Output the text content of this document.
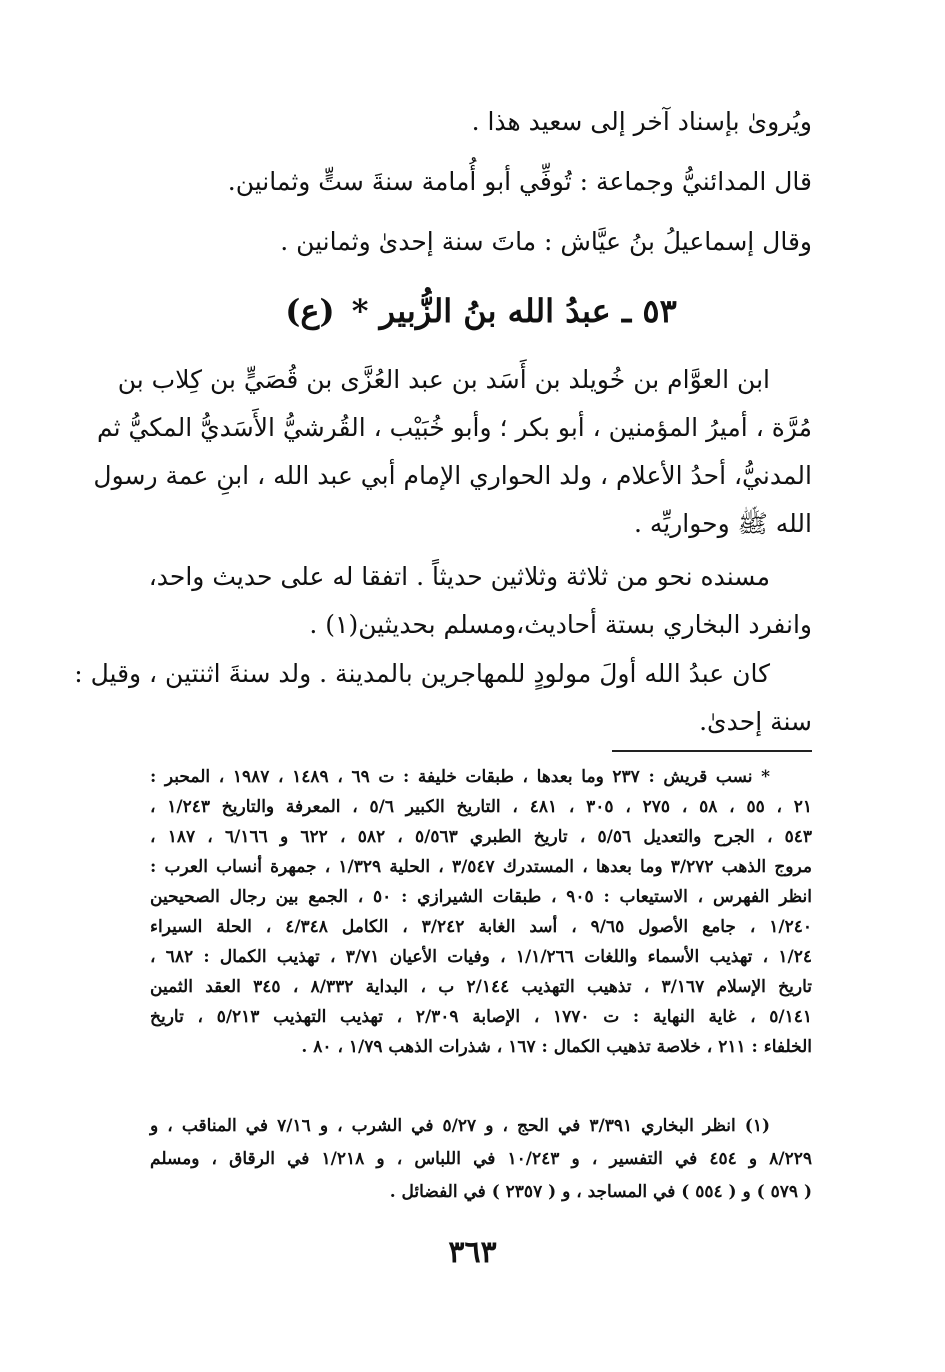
ويُروىٰ بإسناد آخر إلى سعيد هذا .
قال المدائنيُّ وجماعة : تُوفِّي أبو أُمامة سنةَ ستٍّ وثمانين.
وقال إسماعيلُ بنُ عيَّاش : ماتَ سنة إحدىٰ وثمانين .
٥٣ ـ عبدُ الله بنُ الزُّبير * (ع)
ابن العوَّام بن خُويلد بن أَسَد بن عبد العُزَّى بن قُصَيٍّ بن كِلاب بن
مُرَّة ، أميرُ المؤمنين ، أبو بكر ؛ وأبو خُبَيْب ، القُرشيُّ الأَسَديُّ المكيُّ ثم
المدنيُّ، أحدُ الأعلام ، ولد الحواري الإمام أبي عبد الله ، ابنِ عمة رسول
الله ﷺ وحواريِّه .
مسنده نحو من ثلاثة وثلاثين حديثاً . اتفقا له على حديث واحد،
وانفرد البخاري بستة أحاديث،ومسلم بحديثين(١) .
كان عبدُ الله أولَ مولودٍ للمهاجرين بالمدينة . ولد سنةَ اثنتين ، وقيل :
سنة إحدىٰ.
* نسب قريش : ٢٣٧ وما بعدها ، طبقات خليفة : ت ٦٩ ، ١٤٨٩ ، ١٩٨٧ ، المحبر :
٢١ ، ٥٥ ، ٥٨ ، ٢٧٥ ، ٣٠٥ ، ٤٨١ ، التاريخ الكبير ٥/٦ ، المعرفة والتاريخ ١/٢٤٣ ،
٥٤٣ ، الجرح والتعديل ٥/٥٦ ، تاريخ الطبري ٥/٥٦٣ ، ٥٨٢ ، ٦٢٢ و ٦/١٦٦ ، ١٨٧ ،
مروج الذهب ٣/٢٧٢ وما بعدها ، المستدرك ٣/٥٤٧ ، الحلية ١/٣٢٩ ، جمهرة أنساب العرب :
انظر الفهرس ، الاستيعاب : ٩٠٥ ، طبقات الشيرازي : ٥٠ ، الجمع بين رجال الصحيحين
١/٢٤٠ ، جامع الأصول ٩/٦٥ ، أسد الغابة ٣/٢٤٢ ، الكامل ٤/٣٤٨ ، الحلة السيراء
١/٢٤ ، تهذيب الأسماء واللغات ١/١/٢٦٦ ، وفيات الأعيان ٣/٧١ ، تهذيب الكمال : ٦٨٢ ،
تاريخ الإسلام ٣/١٦٧ ، تذهيب التهذيب ٢/١٤٤ ب ، البداية ٨/٣٣٢ ، ٣٤٥ العقد الثمين
٥/١٤١ ، غاية النهاية : ت ١٧٧٠ ، الإصابة ٢/٣٠٩ ، تهذيب التهذيب ٥/٢١٣ ، تاريخ
الخلفاء : ٢١١ ، خلاصة تذهيب الكمال : ١٦٧ ، شذرات الذهب ١/٧٩ ، ٨٠ .
(١) انظر البخاري ٣/٣٩١ في الحج ، و ٥/٢٧ في الشرب ، و ٧/١٦ في المناقب ، و
٨/٢٢٩ و ٤٥٤ في التفسير ، و ١٠/٢٤٣ في اللباس ، و ١/٢١٨ في الرقاق ، ومسلم
( ٥٧٩ ) و ( ٥٥٤ ) في المساجد ، و ( ٢٣٥٧ ) في الفضائل .
٣٦٣
